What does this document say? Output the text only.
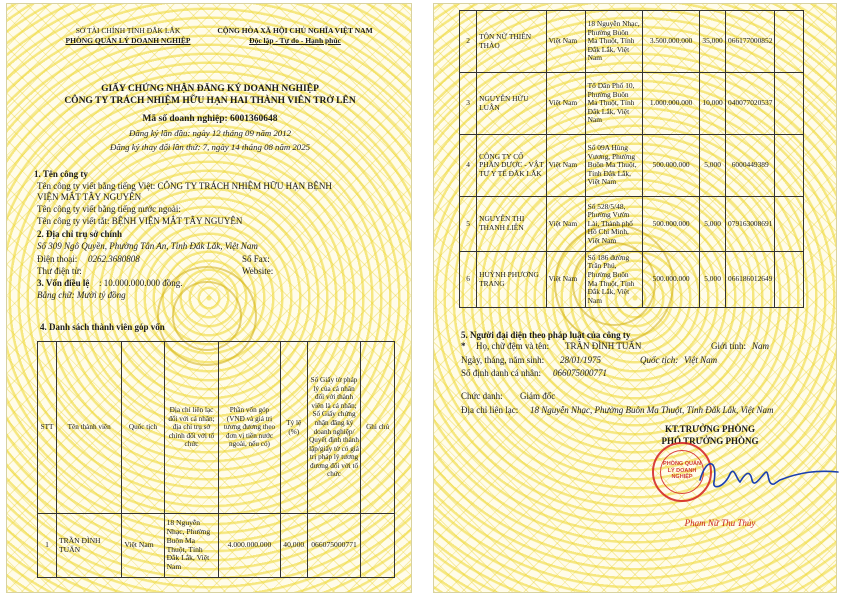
SỞ TÀI CHÍNH TỈNH ĐẮK LẮK
PHÒNG QUẢN LÝ DOANH NGHIỆP
CỘNG HÒA XÃ HỘI CHỦ NGHĨA VIỆT NAM
Độc lập - Tự do - Hạnh phúc
GIẤY CHỨNG NHẬN ĐĂNG KÝ DOANH NGHIỆP
CÔNG TY TRÁCH NHIỆM HỮU HẠN HAI THÀNH VIÊN TRỞ LÊN
Mã số doanh nghiệp: 6001360648
Đăng ký lần đầu: ngày 12 tháng 09 năm 2012
Đăng ký thay đổi lần thứ: 7, ngày 14 tháng 08 năm 2025
1. Tên công ty
Tên công ty viết bằng tiếng Việt: CÔNG TY TRÁCH NHIỆM HỮU HẠN BỆNH
VIỆN MẮT TÂY NGUYÊN
Tên công ty viết bằng tiếng nước ngoài:
Tên công ty viết tắt: BỆNH VIỆN MẮT TÂY NGUYÊN
2. Địa chỉ trụ sở chính
Số 309 Ngô Quyền, Phường Tân An, Tỉnh Đắk Lắk, Việt Nam
Điện thoại: 0262.3680808	Số Fax:
Thư điện tử:	Website:
3. Vốn điều lệ : 10.000.000.000 đồng.
Bằng chữ: Mười tỷ đồng
4. Danh sách thành viên góp vốn
STT	Tên thành viên	Quốc tịch	Địa chỉ liên lạc đối với cá nhân; địa chỉ trụ sở chính đối với tổ chức	Phần vốn góp (VNĐ và giá trị tương đương theo đơn vị tiền nước ngoài, nếu có)	Tỷ lệ (%)	Số Giấy tờ pháp lý của cá nhân đối với thành viên là cá nhân; Số Giấy chứng nhận đăng ký doanh nghiệp/ Quyết định thành lập/giấy tờ có giá trị pháp lý tương đương đối với tổ chức	Ghi chú
1	TRẦN ĐÌNH TUẤN	Việt Nam	18 Nguyễn Nhạc, Phường Buôn Ma Thuột, Tỉnh Đắk Lắk, Việt Nam	4.000.000.000	40,000	066075000771	
2	TÔN NỮ THIÊN THẢO	Việt Nam	18 Nguyễn Nhạc, Phường Buôn Ma Thuột, Tỉnh Đắk Lắk, Việt Nam	3.500.000.000	35,000	066177000852	
3	NGUYỄN HỮU LUẬN	Việt Nam	Tổ Dân Phố 10, Phường Buôn Ma Thuột, Tỉnh Đắk Lắk, Việt Nam	1.000.000.000	10,000	040077020537	
4	CÔNG TY CỔ PHẦN DƯỢC - VẬT TƯ Y TẾ ĐẮK LẮK	Việt Nam	Số 09A Hùng Vương, Phường Buôn Ma Thuột, Tỉnh Đắk Lắk, Việt Nam	500.000.000	5,000	6000449389	
5	NGUYỄN THỊ THANH LIÊN	Việt Nam	Số 528/5/48, Phường Vườn Lài, Thành phố Hồ Chí Minh, Việt Nam	500.000.000	5,000	079163008691	
6	HUỲNH PHƯƠNG TRANG	Việt Nam	Số 186 đường Trần Phú, Phường Buôn Ma Thuột, Tỉnh Đắk Lắk, Việt Nam	500.000.000	5,000	066186012649	
5. Người đại diện theo pháp luật của công ty
* Họ, chữ đệm và tên: TRẦN ĐÌNH TUẤN	Giới tính: Nam
Ngày, tháng, năm sinh: 28/01/1975	Quốc tịch: Việt Nam
Số định danh cá nhân: 066075000771
Chức danh: Giám đốc
Địa chỉ liên lạc: 18 Nguyễn Nhạc, Phường Buôn Ma Thuột, Tỉnh Đắk Lắk, Việt Nam
KT.TRƯỞNG PHÒNG
PHÓ TRƯỞNG PHÒNG
PHÒNG QUẢN LÝ DOANH NGHIỆP
Phạm Nữ Thu Thủy
